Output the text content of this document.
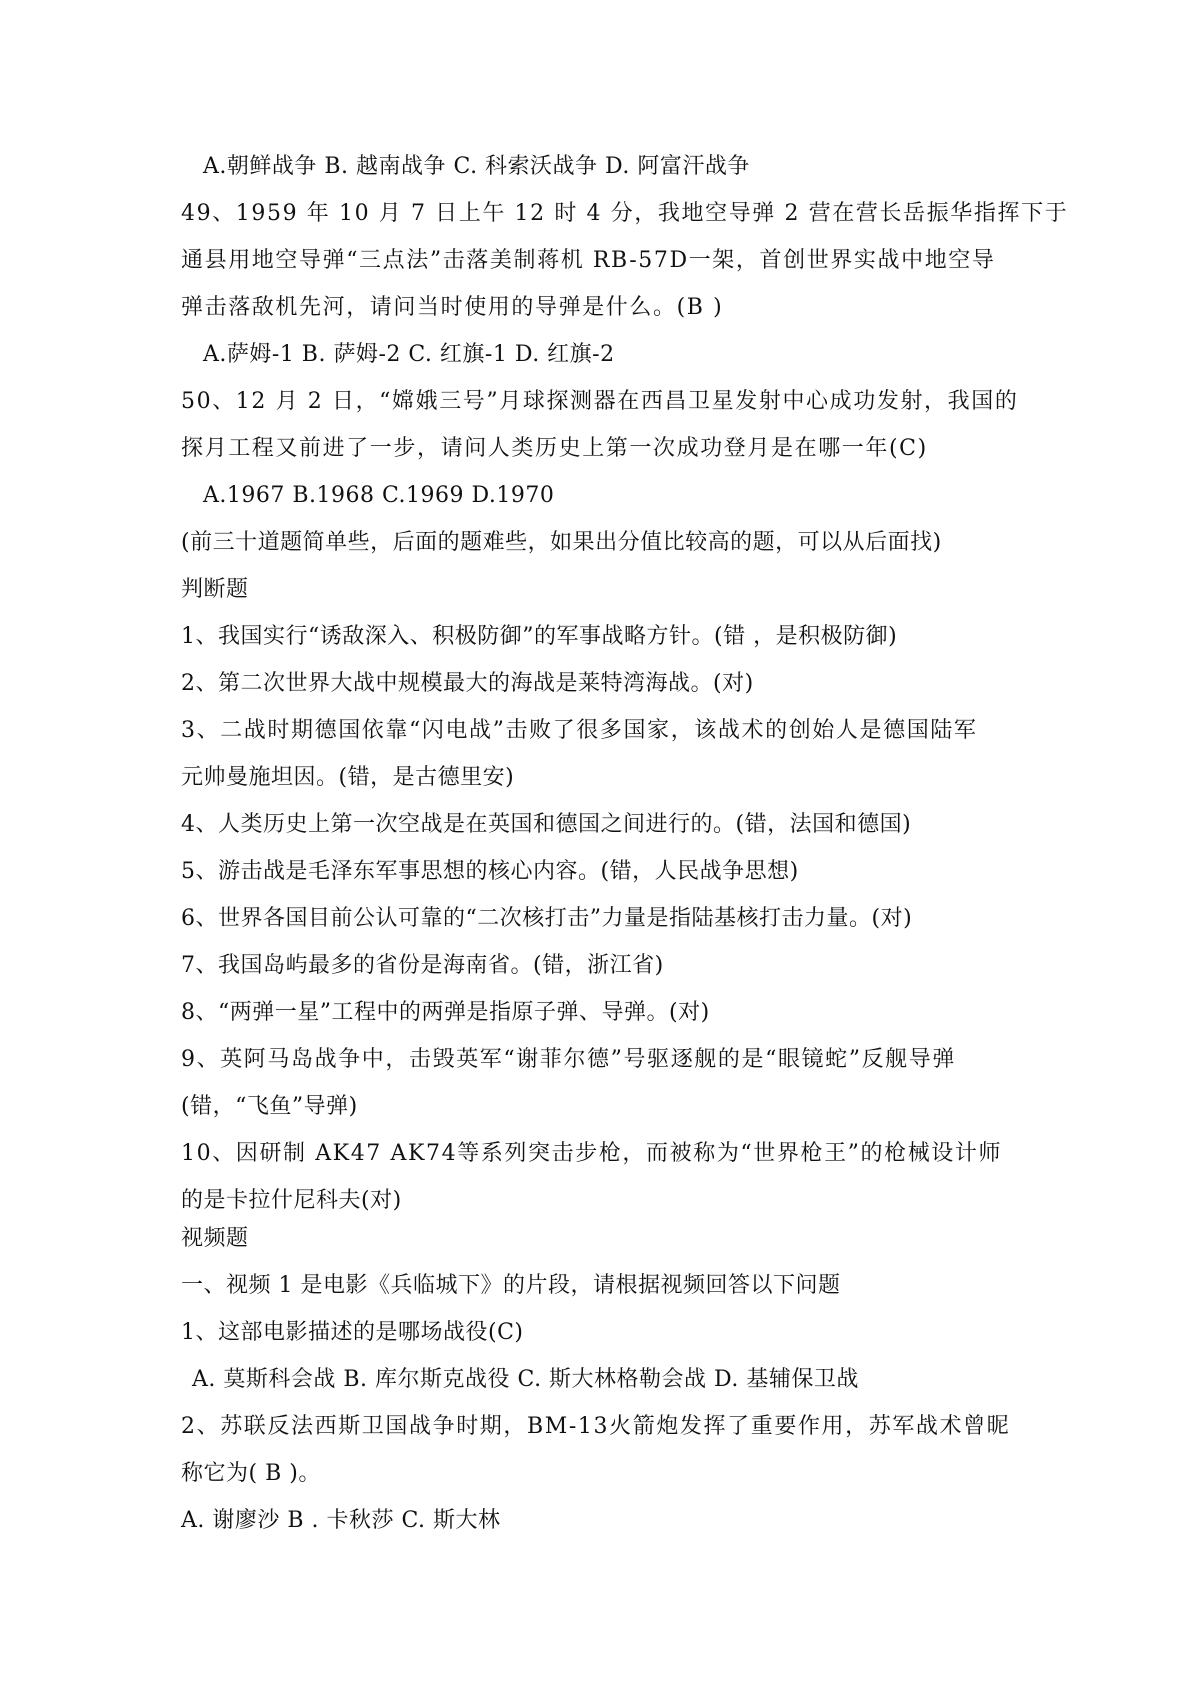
A.朝鲜战争 B. 越南战争 C. 科索沃战争 D. 阿富汗战争
49、1959 年 10 月 7 日上午 12 时 4 分，我地空导弹 2 营在营长岳振华指挥下于
通县用地空导弹“三点法”击落美制蒋机 RB-57D一架，首创世界实战中地空导
弹击落敌机先河，请问当时使用的导弹是什么。(B )
A.萨姆-1 B. 萨姆-2 C. 红旗-1 D. 红旗-2
50、12 月 2 日，“嫦娥三号”月球探测器在西昌卫星发射中心成功发射，我国的
探月工程又前进了一步，请问人类历史上第一次成功登月是在哪一年(C)
A.1967 B.1968 C.1969 D.1970
(前三十道题简单些，后面的题难些，如果出分值比较高的题，可以从后面找)
判断题
1、我国实行“诱敌深入、积极防御”的军事战略方针。(错 ，是积极防御)
2、第二次世界大战中规模最大的海战是莱特湾海战。(对)
3、二战时期德国依靠“闪电战”击败了很多国家，该战术的创始人是德国陆军
元帅曼施坦因。(错，是古德里安)
4、人类历史上第一次空战是在英国和德国之间进行的。(错，法国和德国)
5、游击战是毛泽东军事思想的核心内容。(错，人民战争思想)
6、世界各国目前公认可靠的“二次核打击”力量是指陆基核打击力量。(对)
7、我国岛屿最多的省份是海南省。(错，浙江省)
8、“两弹一星”工程中的两弹是指原子弹、导弹。(对)
9、英阿马岛战争中，击毁英军“谢菲尔德”号驱逐舰的是“眼镜蛇”反舰导弹
(错，“飞鱼”导弹)
10、因研制 AK47 AK74等系列突击步枪，而被称为“世界枪王”的枪械设计师
的是卡拉什尼科夫(对)
视频题
一、视频 1 是电影《兵临城下》的片段，请根据视频回答以下问题
1、这部电影描述的是哪场战役(C)
A. 莫斯科会战 B. 库尔斯克战役 C. 斯大林格勒会战 D. 基辅保卫战
2、苏联反法西斯卫国战争时期，BM-13火箭炮发挥了重要作用，苏军战术曾昵
称它为( B )。
A. 谢廖沙 B . 卡秋莎 C. 斯大林
